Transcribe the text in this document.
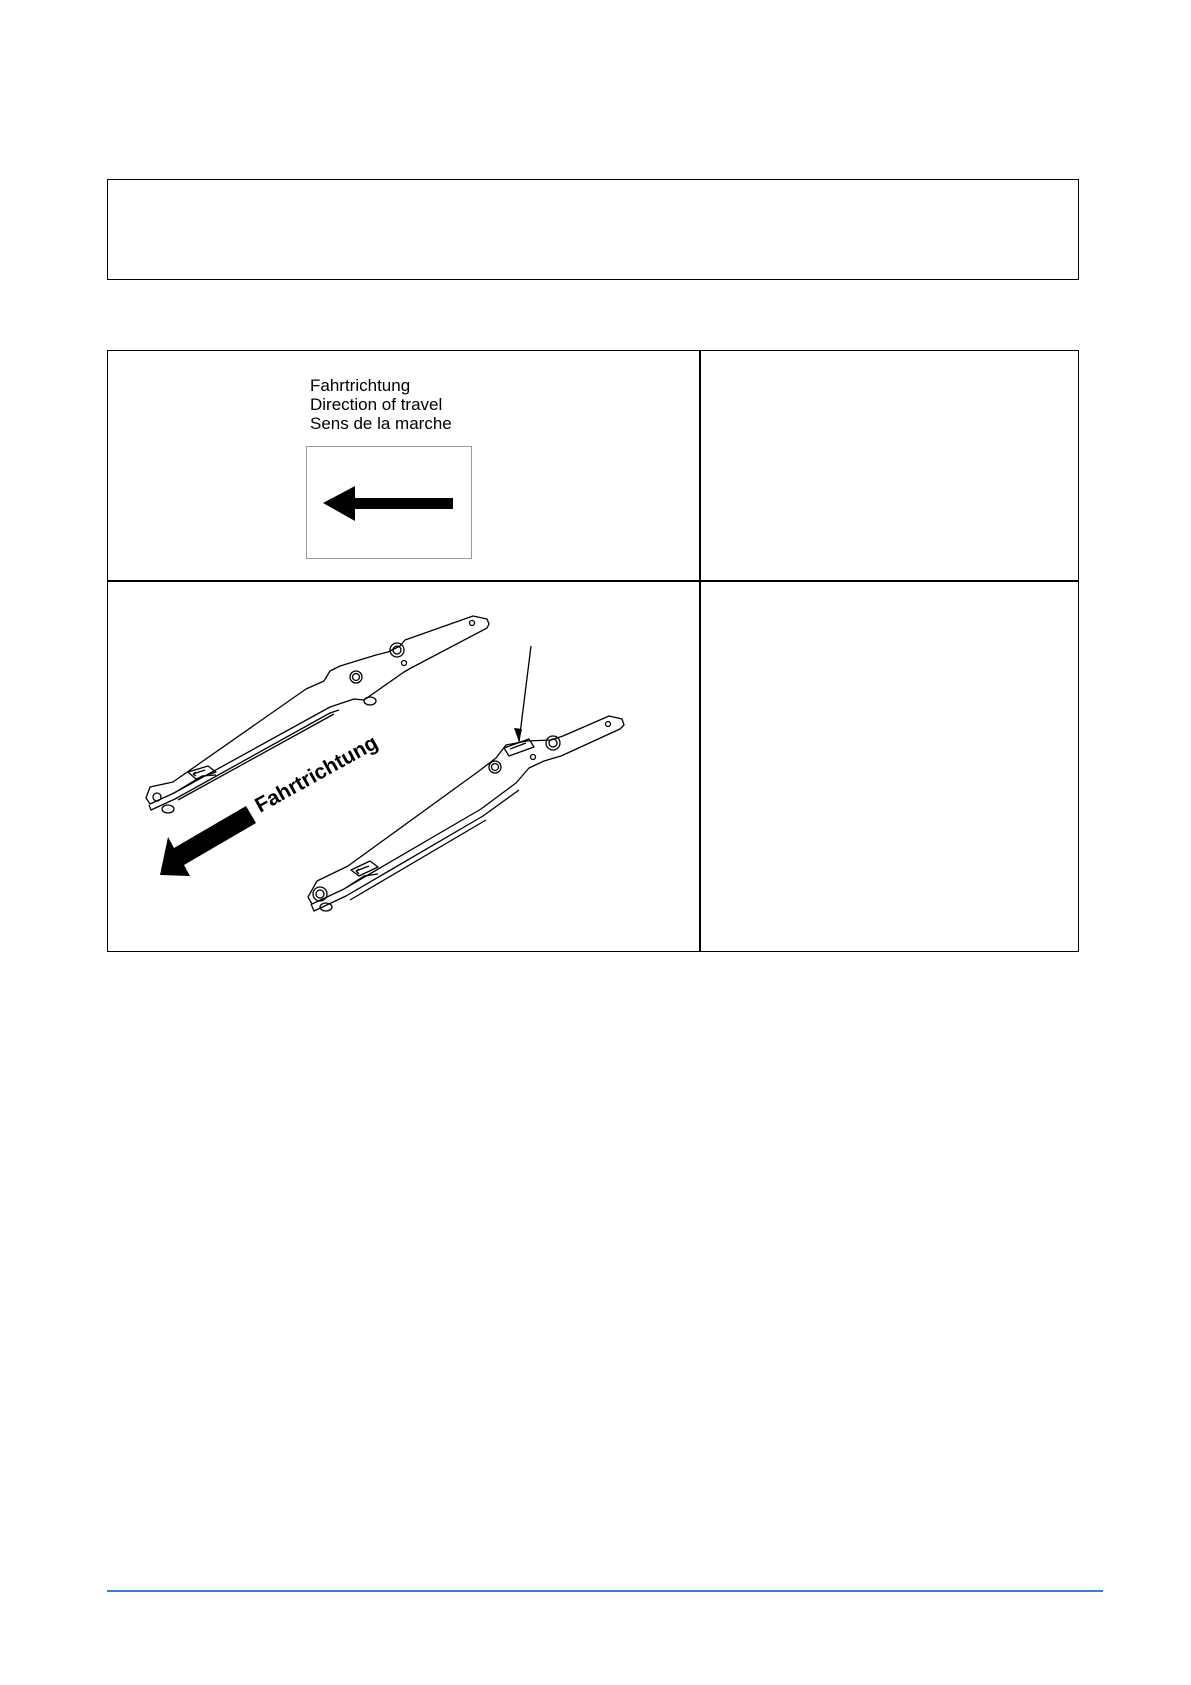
Fahrtrichtung
Direction of travel
Sens de la marche
Fahrtrichtung
